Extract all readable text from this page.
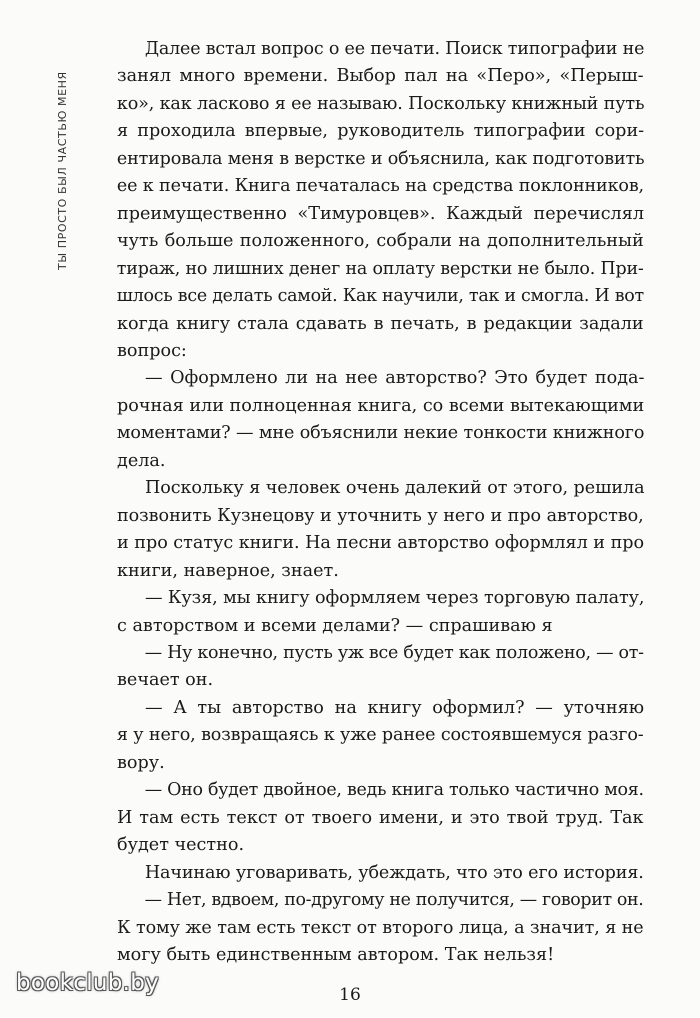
ТЫ ПРОСТО БЫЛ ЧАСТЬЮ МЕНЯ

Далее встал вопрос о ее печати. Поиск типографии не
занял много времени. Выбор пал на «Перо», «Перыш-
ко», как ласково я ее называю. Поскольку книжный путь
я проходила впервые, руководитель типографии сори-
ентировала меня в верстке и объяснила, как подготовить
ее к печати. Книга печаталась на средства поклонников,
преимущественно «Тимуровцев». Каждый перечислял
чуть больше положенного, собрали на дополнительный
тираж, но лишних денег на оплату верстки не было. При-
шлось все делать самой. Как научили, так и смогла. И вот
когда книгу стала сдавать в печать, в редакции задали
вопрос:

— Оформлено ли на нее авторство? Это будет пода-
рочная или полноценная книга, со всеми вытекающими
моментами? — мне объяснили некие тонкости книжного
дела.

Поскольку я человек очень далекий от этого, решила
позвонить Кузнецову и уточнить у него и про авторство,
и про статус книги. На песни авторство оформлял и про
книги, наверное, знает.

— Кузя, мы книгу оформляем через торговую палату,
с авторством и всеми делами? — спрашиваю я

— Ну конечно, пусть уж все будет как положено, — от-
вечает он.

— А ты авторство на книгу оформил? — уточняю
я у него, возвращаясь к уже ранее состоявшемуся разго-
вору.

— Оно будет двойное, ведь книга только частично моя.
И там есть текст от твоего имени, и это твой труд. Так
будет честно.

Начинаю уговаривать, убеждать, что это его история.

— Нет, вдвоем, по-другому не получится, — говорит он.
К тому же там есть текст от второго лица, а значит, я не
могу быть единственным автором. Так нельзя!

16
bookclub.by
